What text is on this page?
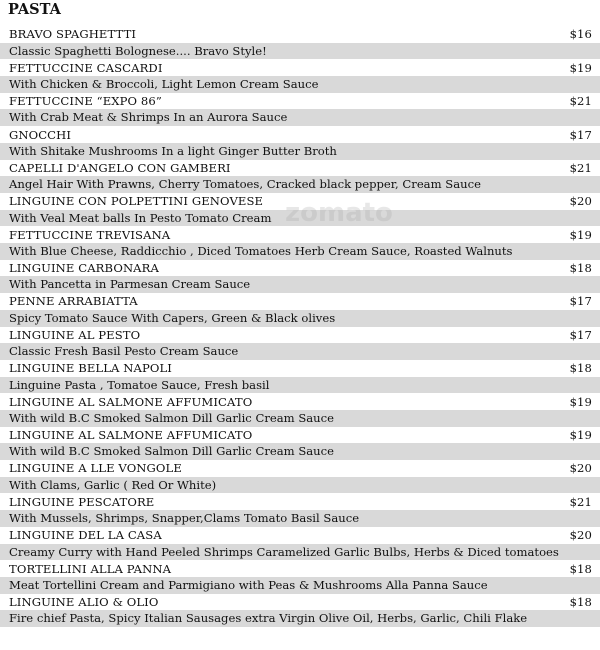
PASTA
BRAVO SPAGHETTTI	$16
Classic Spaghetti Bolognese.... Bravo Style!
FETTUCCINE CASCARDI	$19
With Chicken & Broccoli, Light Lemon Cream Sauce
FETTUCCINE “EXPO 86”	$21
With Crab Meat & Shrimps In an Aurora Sauce
GNOCCHI	$17
With Shitake Mushrooms In a light Ginger Butter Broth
CAPELLI D'ANGELO CON GAMBERI	$21
Angel Hair With Prawns, Cherry Tomatoes, Cracked black pepper, Cream Sauce
LINGUINE CON POLPETTINI GENOVESE	$20
With Veal Meat balls In Pesto Tomato Cream
FETTUCCINE TREVISANA	$19
With Blue Cheese, Raddicchio , Diced Tomatoes Herb Cream Sauce, Roasted Walnuts
LINGUINE CARBONARA	$18
With Pancetta in Parmesan Cream Sauce
PENNE ARRABIATTA	$17
Spicy Tomato Sauce With Capers, Green & Black olives
LINGUINE AL PESTO	$17
Classic Fresh Basil Pesto Cream Sauce
LINGUINE BELLA NAPOLI	$18
Linguine Pasta , Tomatoe Sauce, Fresh basil
LINGUINE AL SALMONE AFFUMICATO	$19
With wild B.C Smoked Salmon Dill Garlic Cream Sauce
LINGUINE AL SALMONE AFFUMICATO	$19
With wild B.C Smoked Salmon Dill Garlic Cream Sauce
LINGUINE A LLE VONGOLE	$20
With Clams, Garlic ( Red Or White)
LINGUINE PESCATORE	$21
With Mussels, Shrimps, Snapper,Clams Tomato Basil Sauce
LINGUINE DEL LA CASA	$20
Creamy Curry with Hand Peeled Shrimps Caramelized Garlic Bulbs, Herbs & Diced tomatoes
TORTELLINI ALLA PANNA	$18
Meat Tortellini Cream and Parmigiano with Peas & Mushrooms Alla Panna Sauce
LINGUINE ALIO & OLIO	$18
Fire chief Pasta, Spicy Italian Sausages extra Virgin Olive Oil, Herbs, Garlic, Chili Flake
zomato
